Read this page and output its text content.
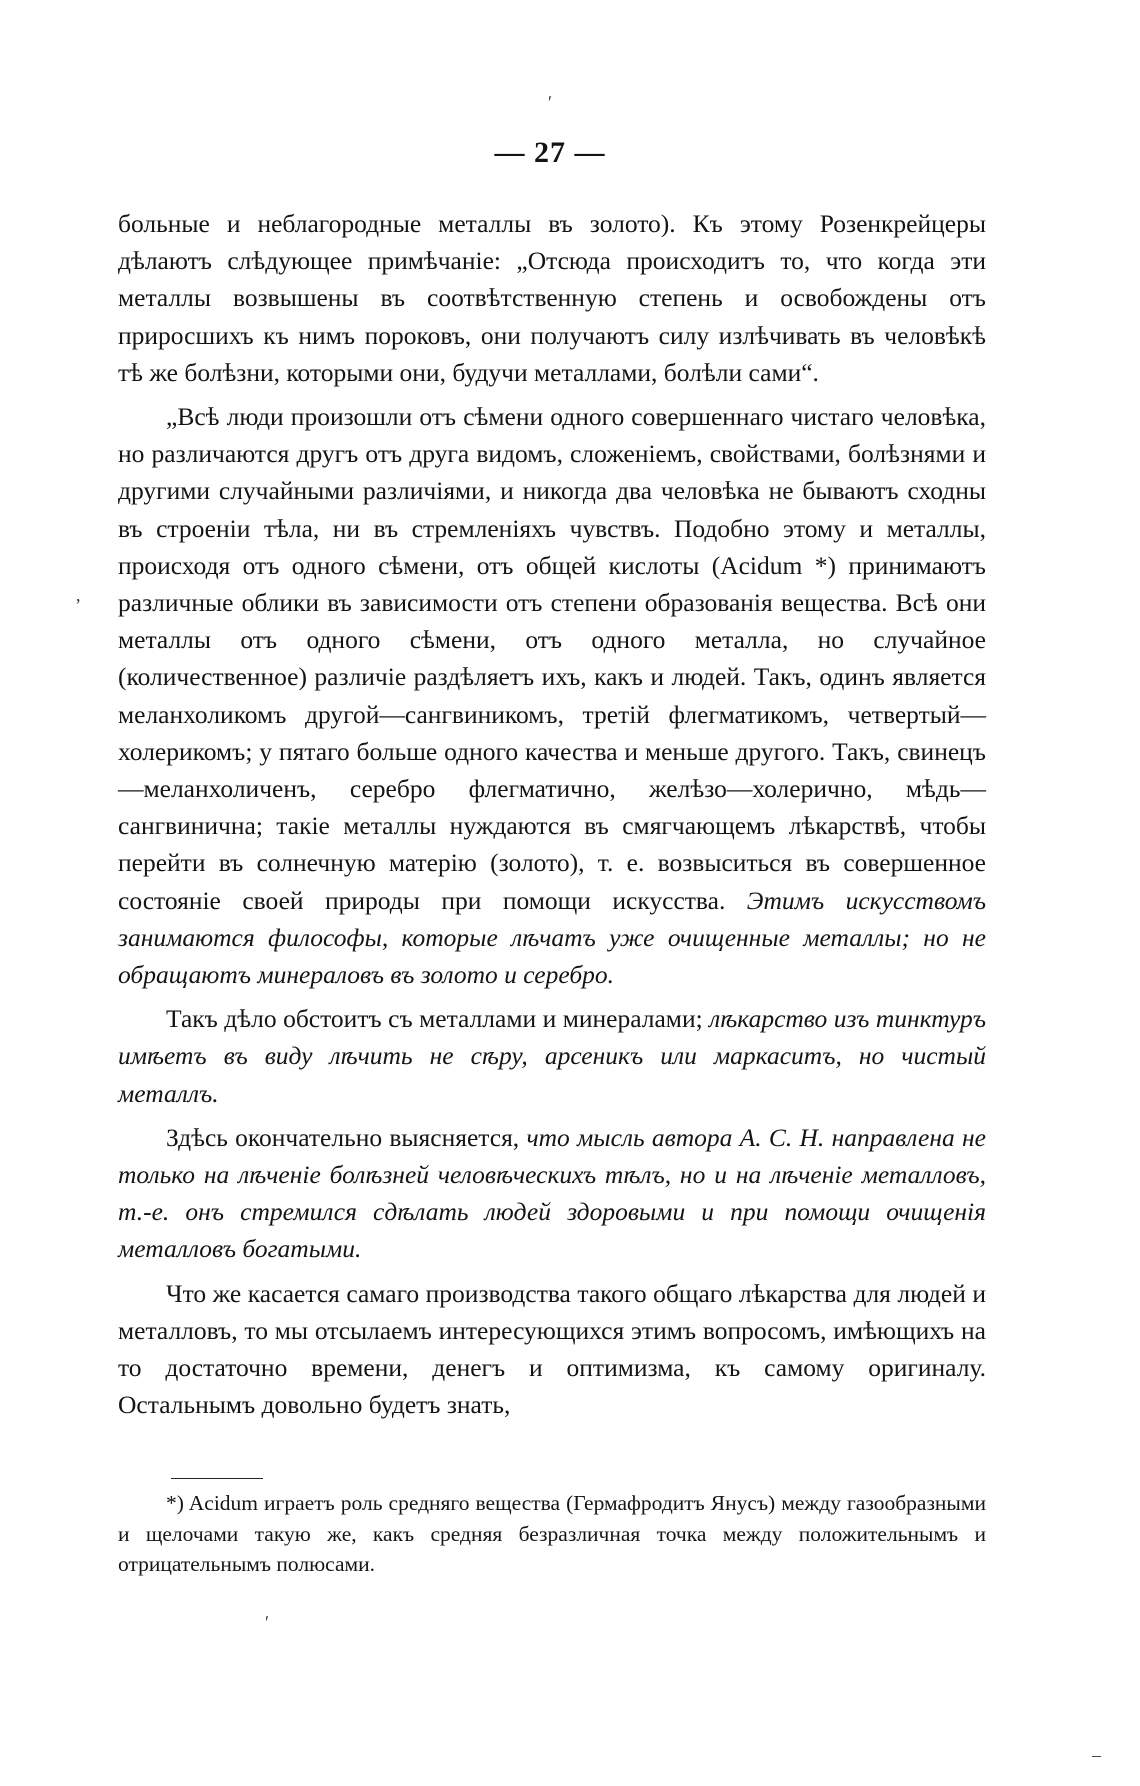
— 27 —

больные и неблагородные металлы въ золото). Къ этому Розенкрейцеры дѣлаютъ слѣдующее примѣчаніе: „Отсюда происходитъ то, что когда эти металлы возвышены въ соотвѣтственную степень и освобождены отъ приросшихъ къ нимъ пороковъ, они получаютъ силу излѣчивать въ человѣкѣ тѣ же болѣзни, которыми они, будучи металлами, болѣли сами“.

„Всѣ люди произошли отъ сѣмени одного совершеннаго чистаго человѣка, но различаются другъ отъ друга видомъ, сложеніемъ, свойствами, болѣзнями и другими случайными различіями, и никогда два человѣка не бываютъ сходны въ строеніи тѣла, ни въ стремленіяхъ чувствъ. Подобно этому и металлы, происходя отъ одного сѣмени, отъ общей кислоты (Acidum *) принимаютъ различные облики въ зависимости отъ степени образованія вещества. Всѣ они металлы отъ одного сѣмени, отъ одного металла, но случайное (количественное) различіе раздѣляетъ ихъ, какъ и людей. Такъ, одинъ является меланхоликомъ другой—сангвиникомъ, третій флегматикомъ, четвертый—холерикомъ; у пятаго больше одного качества и меньше другого. Такъ, свинецъ—меланхоличенъ, серебро флегматично, желѣзо—холерично, мѣдь—сангвинична; такіе металлы нуждаются въ смягчающемъ лѣкарствѣ, чтобы перейти въ солнечную матерію (золото), т. е. возвыситься въ совершенное состояніе своей природы при помощи искусства. Этимъ искусствомъ занимаются философы, которые лѣчатъ уже очищенные металлы; но не обращаютъ минераловъ въ золото и серебро.

Такъ дѣло обстоитъ съ металлами и минералами; лѣкарство изъ тинктуръ имѣетъ въ виду лѣчить не сѣру, арсеникъ или маркаситъ, но чистый металлъ.

Здѣсь окончательно выясняется, что мысль автора А. С. Н. направлена не только на лѣченіе болѣзней человѣческихъ тѣлъ, но и на лѣченіе металловъ, т.-е. онъ стремился сдѣлать людей здоровыми и при помощи очищенія металловъ богатыми.

Что же касается самаго производства такого общаго лѣкарства для людей и металловъ, то мы отсылаемъ интересующихся этимъ вопросомъ, имѣющихъ на то достаточно времени, денегъ и оптимизма, къ самому оригиналу. Остальнымъ довольно будетъ знать,

*) Acidum играетъ роль средняго вещества (Гермафродитъ Янусъ) между газообразными и щелочами такую же, какъ средняя безразличная точка между положительнымъ и отрицательнымъ полюсами.
ʹ
,
ʹ
–
